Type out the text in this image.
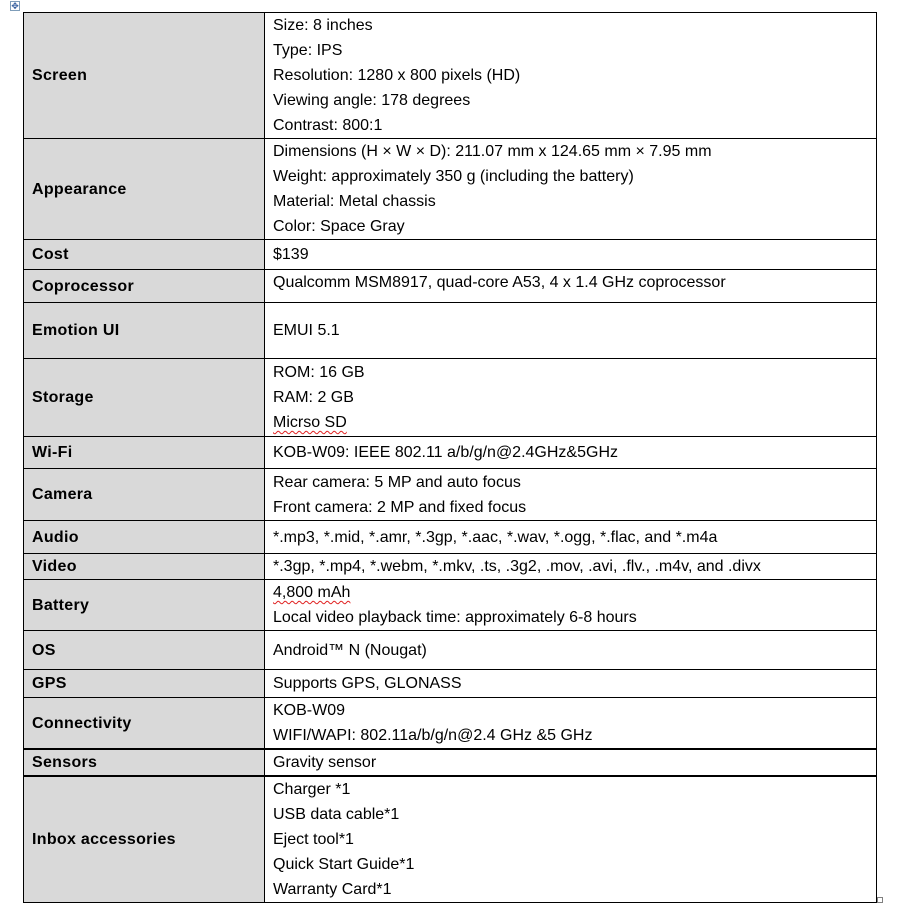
✥
Screen	Size: 8 inches
Type: IPS
Resolution: 1280 x 800 pixels (HD)
Viewing angle: 178 degrees
Contrast: 800:1

Appearance	Dimensions (H × W × D): 211.07 mm x 124.65 mm × 7.95 mm
Weight: approximately 350 g (including the battery)
Material: Metal chassis
Color: Space Gray

Cost	$139

Coprocessor	Qualcomm MSM8917, quad-core A53, 4 x 1.4 GHz coprocessor

Emotion UI	EMUI 5.1

Storage	ROM: 16 GB
RAM: 2 GB
Micrso SD

Wi-Fi	KOB-W09: IEEE 802.11 a/b/g/n@2.4GHz&5GHz

Camera	Rear camera: 5 MP and auto focus
Front camera: 2 MP and fixed focus

Audio	*.mp3, *.mid, *.amr, *.3gp, *.aac, *.wav, *.ogg, *.flac, and *.m4a

Video	*.3gp, *.mp4, *.webm, *.mkv, .ts, .3g2, .mov, .avi, .flv., .m4v, and .divx

Battery	4,800 mAh
Local video playback time: approximately 6-8 hours

OS	Android™ N (Nougat)

GPS	Supports GPS, GLONASS

Connectivity	KOB-W09
WIFI/WAPI: 802.11a/b/g/n@2.4 GHz &5 GHz

Sensors	Gravity sensor

Inbox accessories	Charger *1
USB data cable*1
Eject tool*1
Quick Start Guide*1
Warranty Card*1
